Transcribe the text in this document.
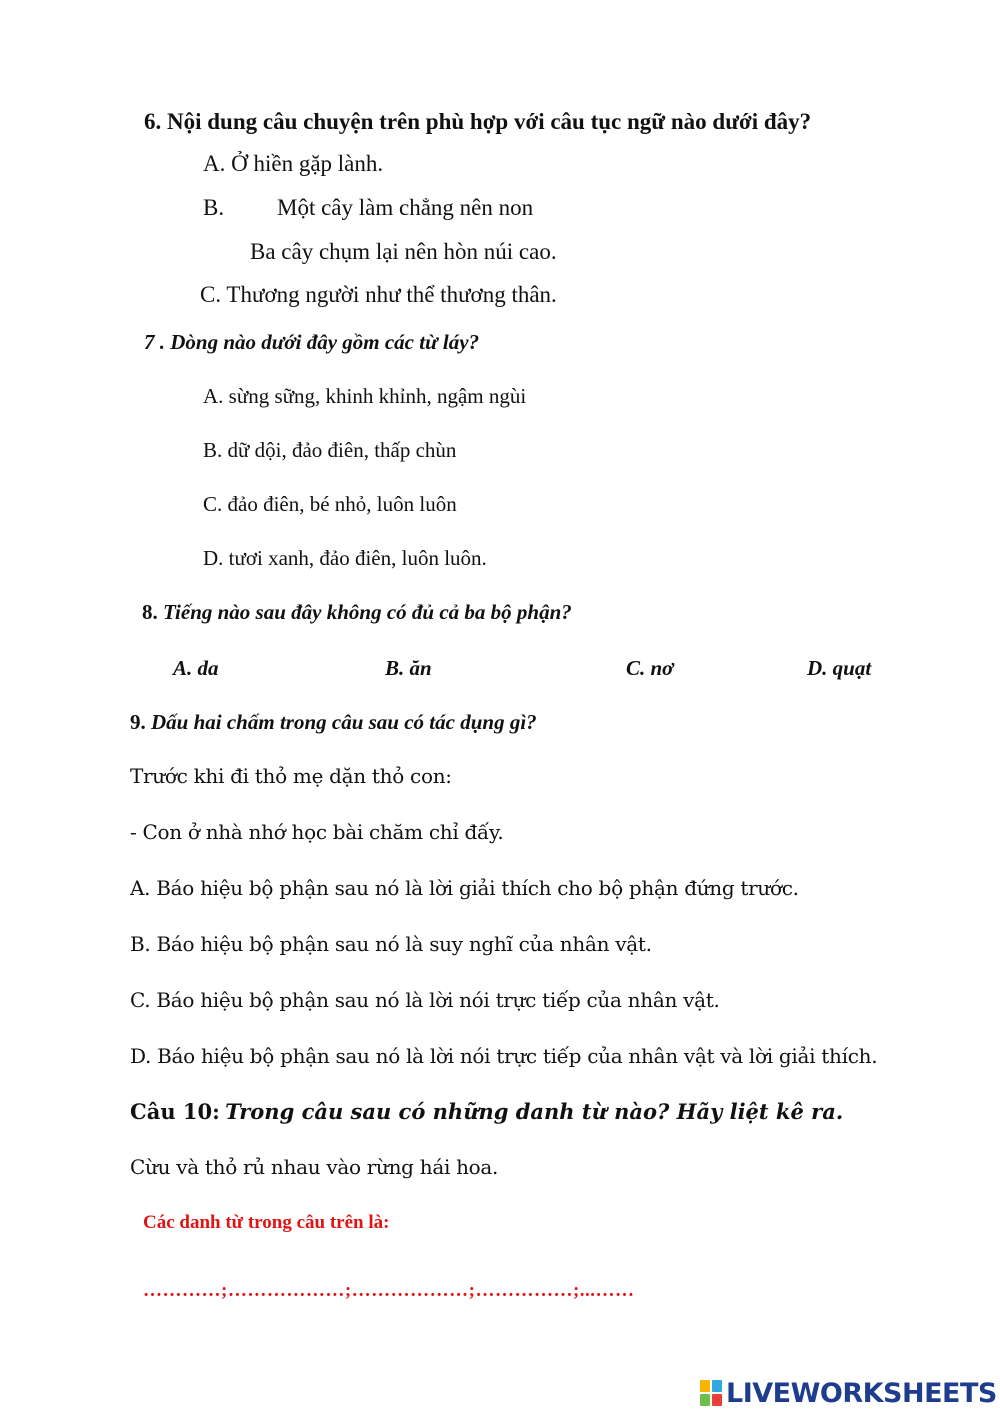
6. Nội dung câu chuyện trên phù hợp với câu tục ngữ nào dưới đây?
A. Ở hiền gặp lành.
B. Một cây làm chẳng nên non
Ba cây chụm lại nên hòn núi cao.
C. Thương người như thể thương thân.
7 . Dòng nào dưới đây gồm các từ láy?
A. sừng sững, khinh khỉnh, ngậm ngùi
B. dữ dội, đảo điên, thấp chùn
C. đảo điên, bé nhỏ, luôn luôn
D. tươi xanh, đảo điên, luôn luôn.
8. Tiếng nào sau đây không có đủ cả ba bộ phận?
A. da	B. ăn	C. nơ	D. quạt
9. Dấu hai chấm trong câu sau có tác dụng gì?
Trước khi đi thỏ mẹ dặn thỏ con:
- Con ở nhà nhớ học bài chăm chỉ đấy.
A. Báo hiệu bộ phận sau nó là lời giải thích cho bộ phận đứng trước.
B. Báo hiệu bộ phận sau nó là suy nghĩ của nhân vật.
C. Báo hiệu bộ phận sau nó là lời nói trực tiếp của nhân vật.
D. Báo hiệu bộ phận sau nó là lời nói trực tiếp của nhân vật và lời giải thích.
Câu 10: Trong câu sau có những danh từ nào? Hãy liệt kê ra.
Cừu và thỏ rủ nhau vào rừng hái hoa.
Các danh từ trong câu trên là:
…………;………………;………………;……………;...……
LIVEWORKSHEETS
